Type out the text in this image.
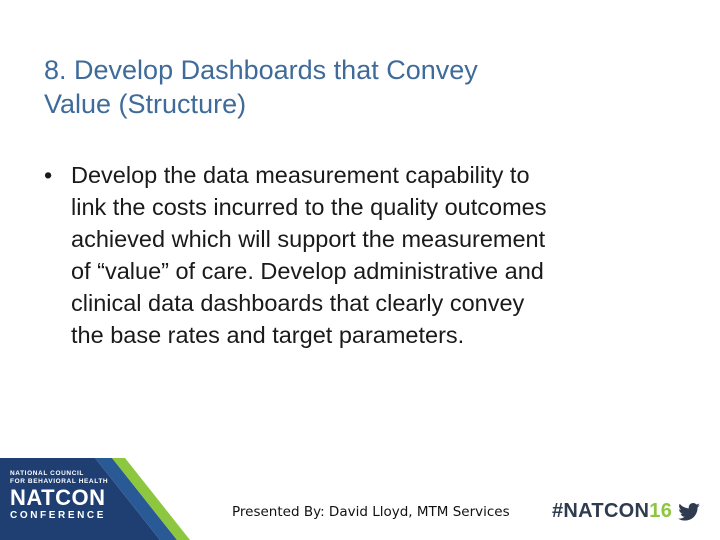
8. Develop Dashboards that Convey
Value (Structure)
• Develop the data measurement capability to
link the costs incurred to the quality outcomes
achieved which will support the measurement
of “value” of care. Develop administrative and
clinical data dashboards that clearly convey
the base rates and target parameters.
NATIONAL COUNCIL
FOR BEHAVIORAL HEALTH
NATCON
CONFERENCE	Presented By: David Lloyd, MTM Services #NATCON16
